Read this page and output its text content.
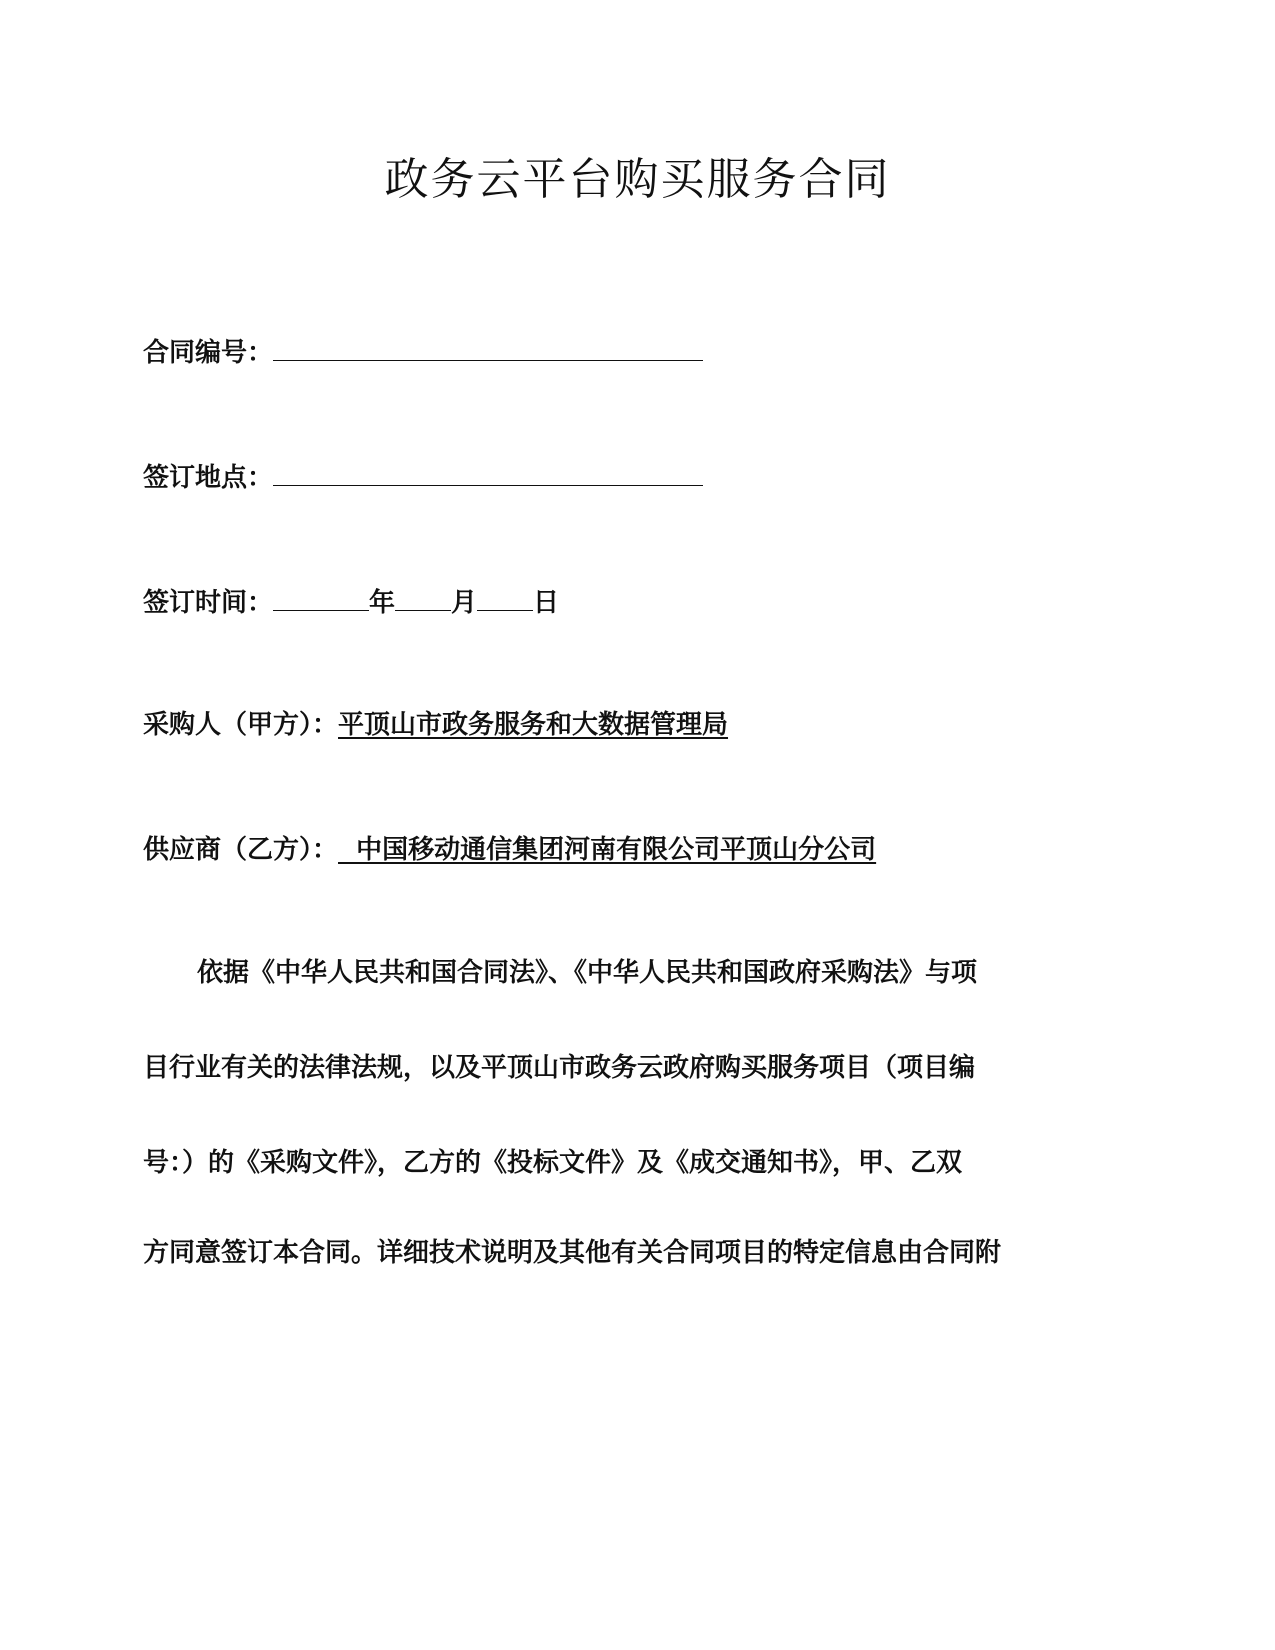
政务云平台购买服务合同
合同编号：
签订地点：
签订时间：	年 月 日
采购人（甲方）：平顶山市政务服务和大数据管理局
供应商（乙方）：  中国移动通信集团河南有限公司平顶山分公司
依据《中华人民共和国合同法》、《中华人民共和国政府采购法》与项
目行业有关的法律法规，以及平顶山市政务云政府购买服务项目（项目编
号：）的《采购文件》，乙方的《投标文件》及《成交通知书》，甲、乙双
方同意签订本合同。详细技术说明及其他有关合同项目的特定信息由合同附
